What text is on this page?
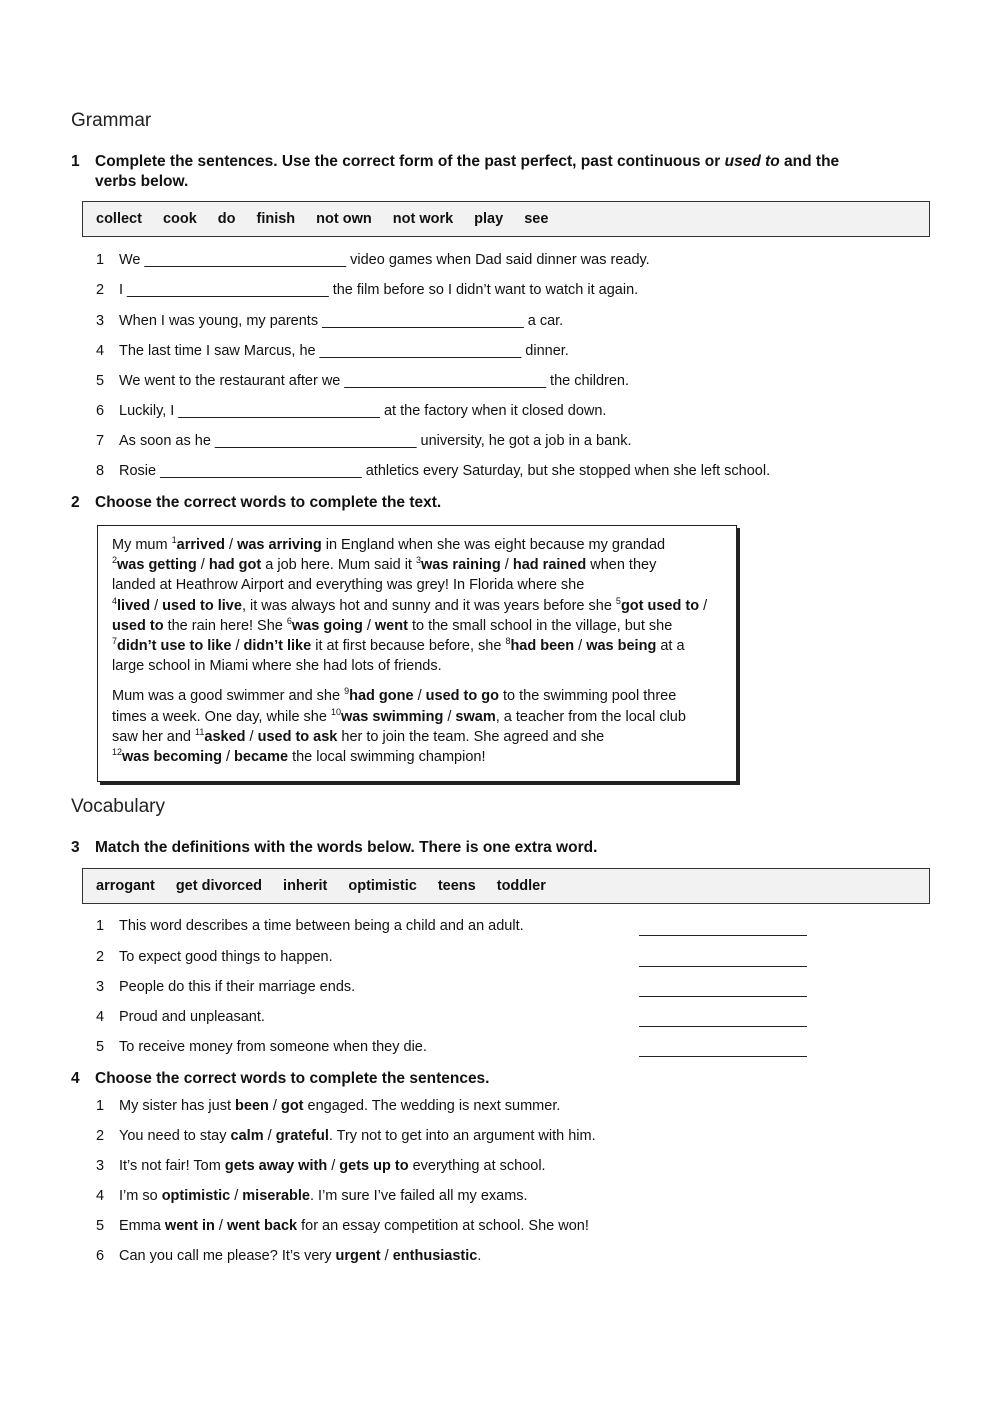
Grammar
1 Complete the sentences. Use the correct form of the past perfect, past continuous or used to and the
verbs below.
collect cook do finish not own not work play see
1	We _________________________ video games when Dad said dinner was ready.
2	I _________________________ the film before so I didn’t want to watch it again.
3	When I was young, my parents _________________________ a car.
4	The last time I saw Marcus, he _________________________ dinner.
5	We went to the restaurant after we _________________________ the children.
6	Luckily, I _________________________ at the factory when it closed down.
7	As soon as he _________________________ university, he got a job in a bank.
8	Rosie _________________________ athletics every Saturday, but she stopped when she left school.
2 Choose the correct words to complete the text.

My mum $^1$arrived / was arriving in England when she was eight because my grandad
$^2$was getting / had got a job here. Mum said it $^3$was raining / had rained when they
landed at Heathrow Airport and everything was grey! In Florida where she
$^4$lived / used to live, it was always hot and sunny and it was years before she $^5$got used to /
used to the rain here! She $^6$was going / went to the small school in the village, but she
$^7$didn’t use to like / didn’t like it at first because before, she $^8$had been / was being at a
large school in Miami where she had lots of friends.

Mum was a good swimmer and she $^9$had gone / used to go to the swimming pool three
times a week. One day, while she $^{10}$was swimming / swam, a teacher from the local club
saw her and $^{11}$asked / used to ask her to join the team. She agreed and she
$^{12}$was becoming / became the local swimming champion!

Vocabulary
3 Match the definitions with the words below. There is one extra word.
arrogant get divorced inherit optimistic teens toddler
1	This word describes a time between being a child and an adult.
2	To expect good things to happen.
3	People do this if their marriage ends.
4	Proud and unpleasant.
5	To receive money from someone when they die.
4 Choose the correct words to complete the sentences.
1	My sister has just been / got engaged. The wedding is next summer.
2	You need to stay calm / grateful. Try not to get into an argument with him.
3	It’s not fair! Tom gets away with / gets up to everything at school.
4	I’m so optimistic / miserable. I’m sure I’ve failed all my exams.
5	Emma went in / went back for an essay competition at school. She won!
6	Can you call me please? It’s very urgent / enthusiastic.
